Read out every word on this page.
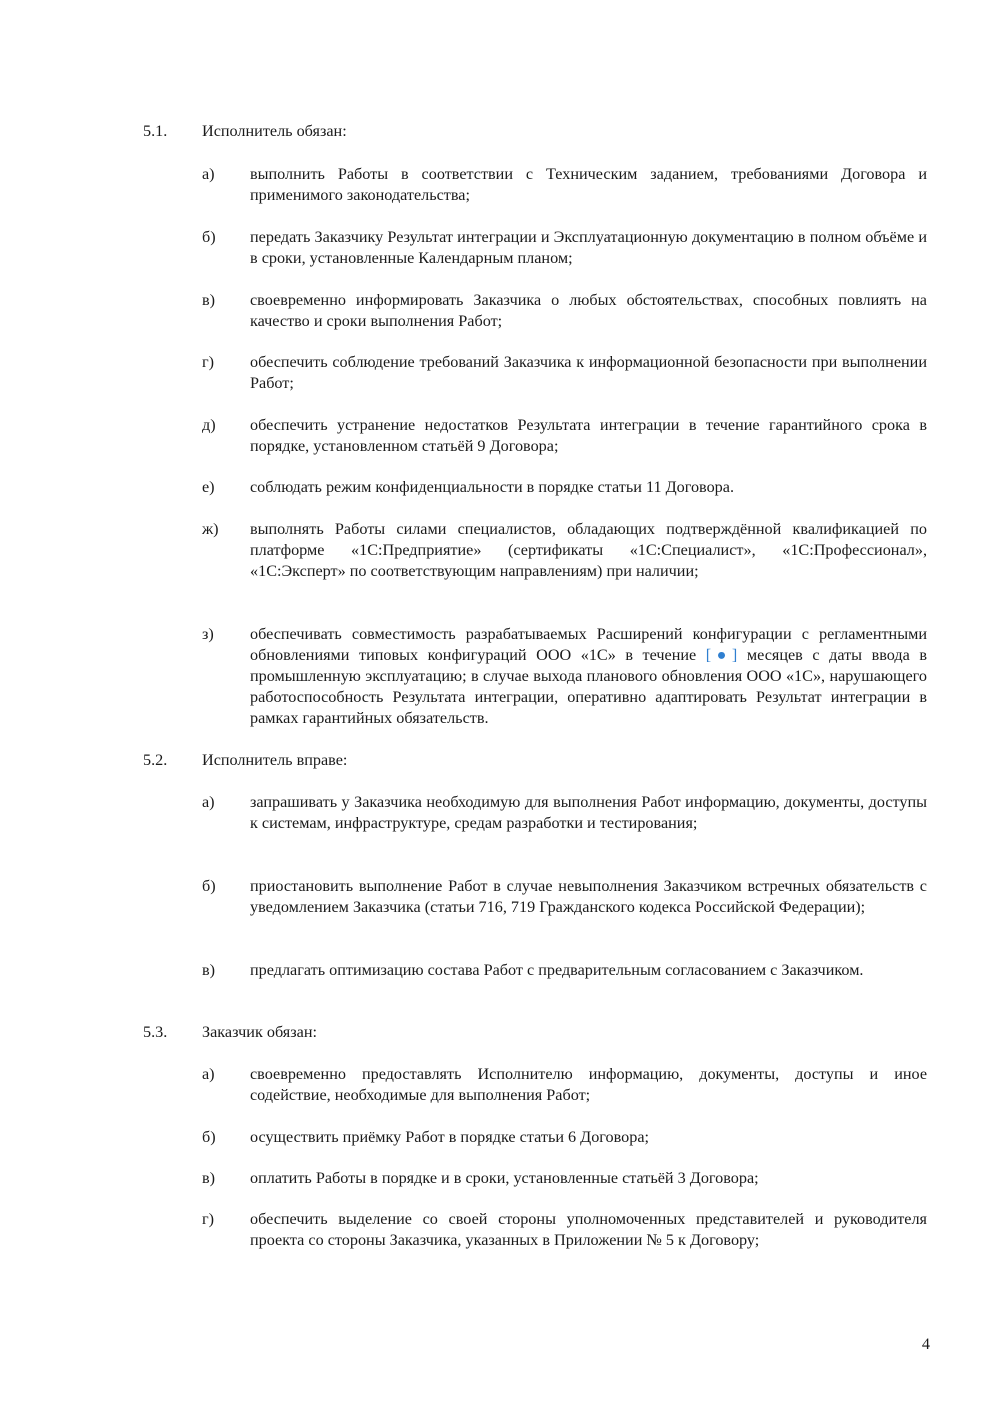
5.1. Исполнитель обязан:
а) выполнить Работы в соответствии с Техническим заданием, требованиями Договора и применимого законодательства;
б) передать Заказчику Результат интеграции и Эксплуатационную документацию в полном объёме и в сроки, установленные Календарным планом;
в) своевременно информировать Заказчика о любых обстоятельствах, способных повлиять на качество и сроки выполнения Работ;
г) обеспечить соблюдение требований Заказчика к информационной безопасности при выполнении Работ;
д) обеспечить устранение недостатков Результата интеграции в течение гарантийного срока в порядке, установленном статьёй 9 Договора;
е) соблюдать режим конфиденциальности в порядке статьи 11 Договора.
ж) выполнять Работы силами специалистов, обладающих подтверждённой квалификацией по платформе «1С:Предприятие» (сертификаты «1С:Специалист», «1С:Профессионал», «1С:Эксперт» по соответствующим направлениям) при наличии;
з) обеспечивать совместимость разрабатываемых Расширений конфигурации с регламентными обновлениями типовых конфигураций ООО «1С» в течение [●] месяцев с даты ввода в промышленную эксплуатацию; в случае выхода планового обновления ООО «1С», нарушающего работоспособность Результата интеграции, оперативно адаптировать Результат интеграции в рамках гарантийных обязательств.
5.2. Исполнитель вправе:
а) запрашивать у Заказчика необходимую для выполнения Работ информацию, документы, доступы к системам, инфраструктуре, средам разработки и тестирования;
б) приостановить выполнение Работ в случае невыполнения Заказчиком встречных обязательств с уведомлением Заказчика (статьи 716, 719 Гражданского кодекса Российской Федерации);
в) предлагать оптимизацию состава Работ с предварительным согласованием с Заказчиком.
5.3. Заказчик обязан:
а) своевременно предоставлять Исполнителю информацию, документы, доступы и иное содействие, необходимые для выполнения Работ;
б) осуществить приёмку Работ в порядке статьи 6 Договора;
в) оплатить Работы в порядке и в сроки, установленные статьёй 3 Договора;
г) обеспечить выделение со своей стороны уполномоченных представителей и руководителя проекта со стороны Заказчика, указанных в Приложении № 5 к Договору;
4
